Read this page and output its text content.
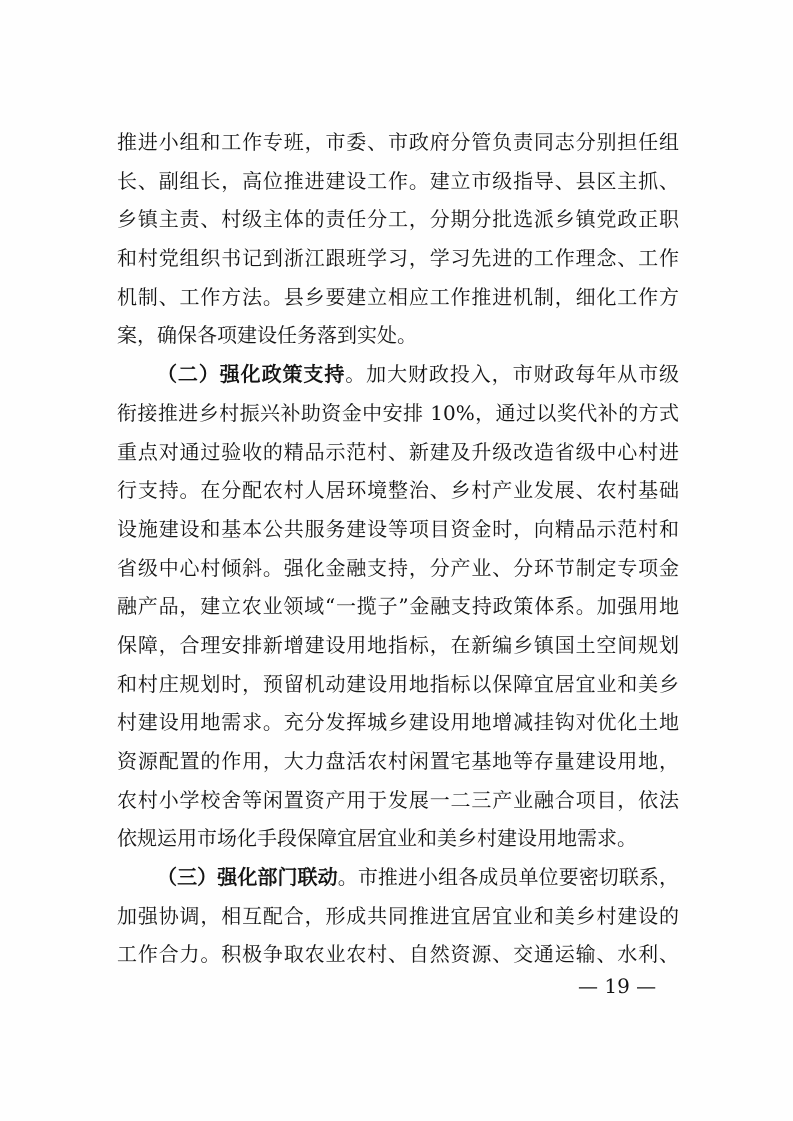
推进小组和工作专班，市委、市政府分管负责同志分别担任组
长、副组长，高位推进建设工作。建立市级指导、县区主抓、
乡镇主责、村级主体的责任分工，分期分批选派乡镇党政正职
和村党组织书记到浙江跟班学习，学习先进的工作理念、工作
机制、工作方法。县乡要建立相应工作推进机制，细化工作方
案，确保各项建设任务落到实处。
（二）强化政策支持。加大财政投入，市财政每年从市级
衔接推进乡村振兴补助资金中安排 10%，通过以奖代补的方式
重点对通过验收的精品示范村、新建及升级改造省级中心村进
行支持。在分配农村人居环境整治、乡村产业发展、农村基础
设施建设和基本公共服务建设等项目资金时，向精品示范村和
省级中心村倾斜。强化金融支持，分产业、分环节制定专项金
融产品，建立农业领域“一揽子”金融支持政策体系。加强用地
保障，合理安排新增建设用地指标，在新编乡镇国土空间规划
和村庄规划时，预留机动建设用地指标以保障宜居宜业和美乡
村建设用地需求。充分发挥城乡建设用地增减挂钩对优化土地
资源配置的作用，大力盘活农村闲置宅基地等存量建设用地，
农村小学校舍等闲置资产用于发展一二三产业融合项目，依法
依规运用市场化手段保障宜居宜业和美乡村建设用地需求。
（三）强化部门联动。市推进小组各成员单位要密切联系，
加强协调，相互配合，形成共同推进宜居宜业和美乡村建设的
工作合力。积极争取农业农村、自然资源、交通运输、水利、
— 19 —
